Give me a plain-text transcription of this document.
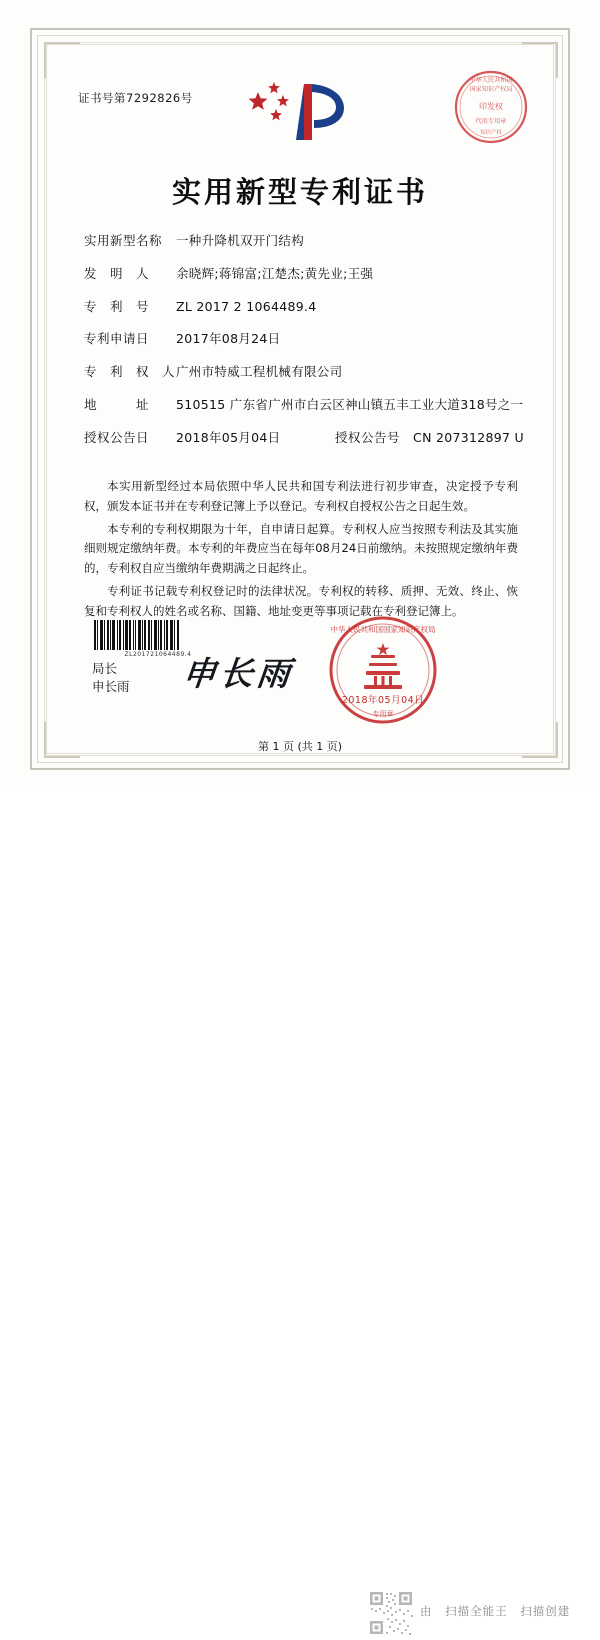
证书号第7292826号
中华人民共和国
国家知识产权局
印发权
代用专用章
知识产权
实用新型专利证书
实用新型名称	一种升降机双开门结构
发　明　人	余晓辉;蒋锦富;江楚杰;黄先业;王强
专　利　号	ZL 2017 2 1064489.4
专利申请日	2017年08月24日
专　利　权　人 广州市特威工程机械有限公司
地　　　址	510515 广东省广州市白云区神山镇五丰工业大道318号之一
授权公告日	2018年05月04日	授权公告号	CN 207312897 U

本实用新型经过本局依照中华人民共和国专利法进行初步审查，决定授予专利权，颁发本证书并在专利登记簿上予以登记。专利权自授权公告之日起生效。

本专利的专利权期限为十年，自申请日起算。专利权人应当按照专利法及其实施细则规定缴纳年费。本专利的年费应当在每年08月24日前缴纳。未按照规定缴纳年费的，专利权自应当缴纳年费期满之日起终止。

专利证书记载专利权登记时的法律状况。专利权的转移、质押、无效、终止、恢复和专利权人的姓名或名称、国籍、地址变更等事项记载在专利登记簿上。

ZL201721064489.4
局长
申长雨 申长雨
中华人民共和国国家知识产权局
专用章
2018年05月04日
第 1 页 (共 1 页)
由 扫描全能王 扫描创建
